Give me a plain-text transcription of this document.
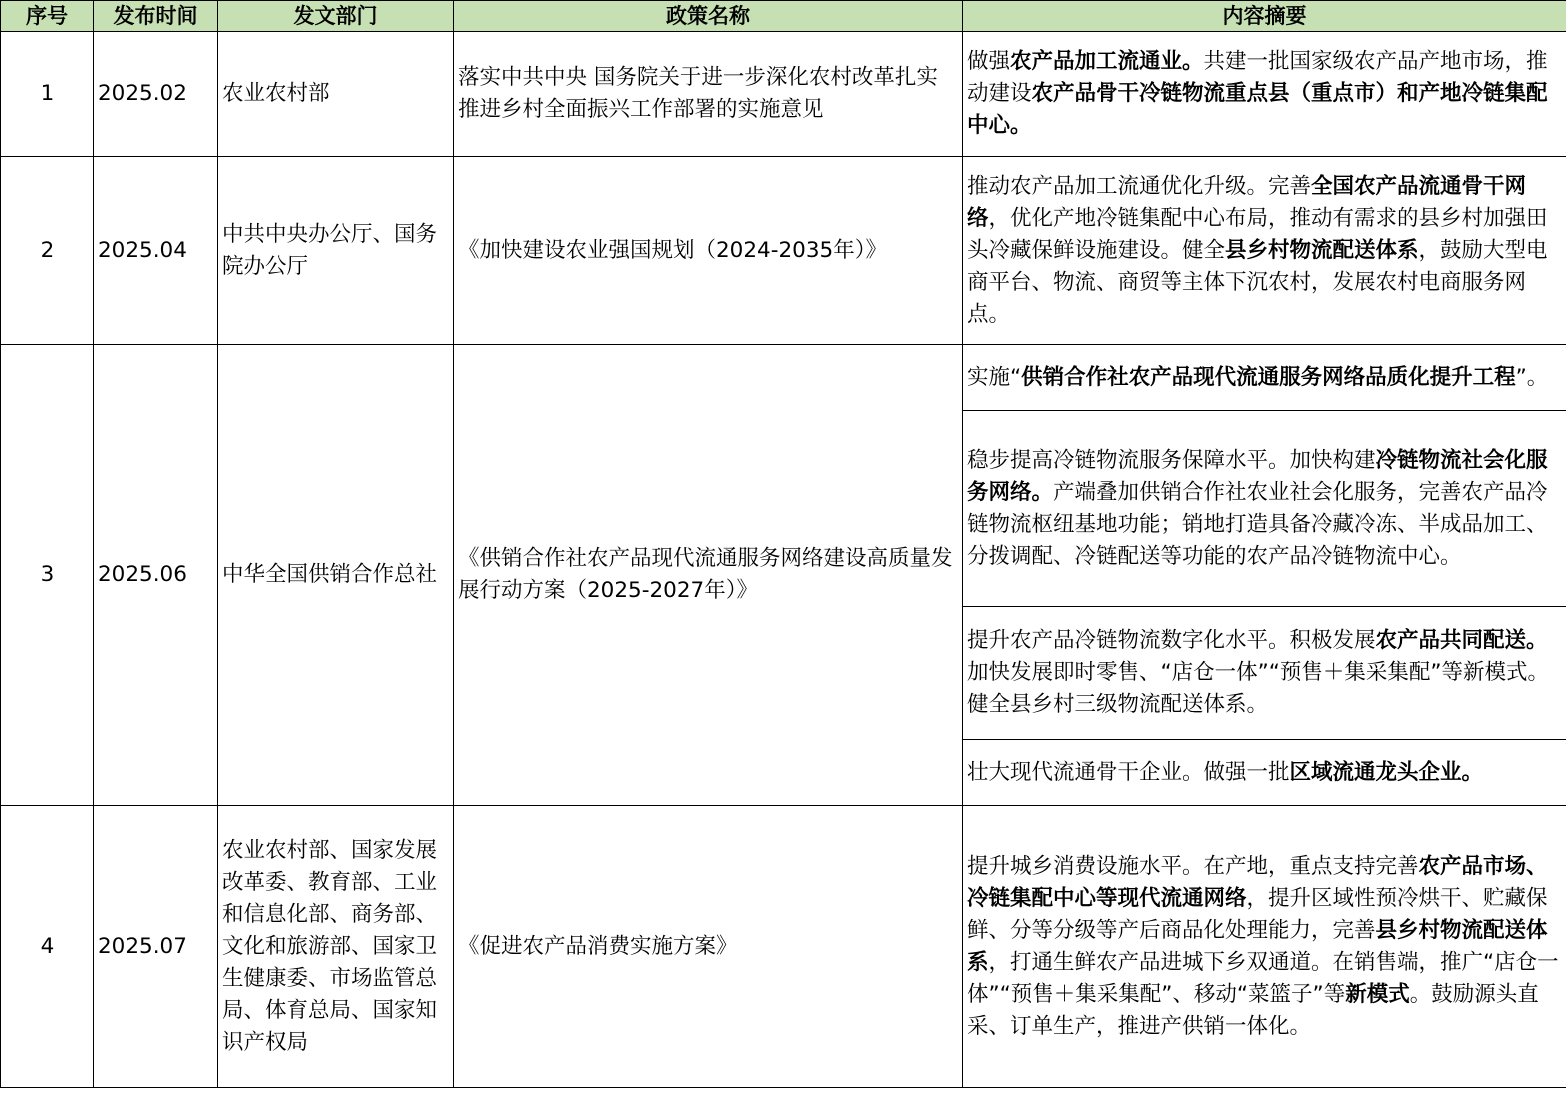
序号	发布时间	发文部门	政策名称	内容摘要
1	2025.02	农业农村部	落实中共中央 国务院关于进一步深化农村改革扎实推进乡村全面振兴工作部署的实施意见	做强农产品加工流通业。共建一批国家级农产品产地市场，推动建设农产品骨干冷链物流重点县（重点市）和产地冷链集配中心。
2	2025.04	中共中央办公厅、国务院办公厅	《加快建设农业强国规划（2024-2035年）》	推动农产品加工流通优化升级。完善全国农产品流通骨干网络，优化产地冷链集配中心布局，推动有需求的县乡村加强田头冷藏保鲜设施建设。健全县乡村物流配送体系，鼓励大型电商平台、物流、商贸等主体下沉农村，发展农村电商服务网点。
3	2025.06	中华全国供销合作总社	《供销合作社农产品现代流通服务网络建设高质量发展行动方案（2025-2027年）》	实施“供销合作社农产品现代流通服务网络品质化提升工程”。
				稳步提高冷链物流服务保障水平。加快构建冷链物流社会化服务网络。产端叠加供销合作社农业社会化服务，完善农产品冷链物流枢纽基地功能；销地打造具备冷藏冷冻、半成品加工、分拨调配、冷链配送等功能的农产品冷链物流中心。
				提升农产品冷链物流数字化水平。积极发展农产品共同配送。加快发展即时零售、“店仓一体”“预售＋集采集配”等新模式。健全县乡村三级物流配送体系。
				壮大现代流通骨干企业。做强一批区域流通龙头企业。
4	2025.07	农业农村部、国家发展改革委、教育部、工业和信息化部、商务部、文化和旅游部、国家卫生健康委、市场监管总局、体育总局、国家知识产权局	《促进农产品消费实施方案》	提升城乡消费设施水平。在产地，重点支持完善农产品市场、冷链集配中心等现代流通网络，提升区域性预冷烘干、贮藏保鲜、分等分级等产后商品化处理能力，完善县乡村物流配送体系，打通生鲜农产品进城下乡双通道。在销售端，推广“店仓一体”“预售＋集采集配”、移动“菜篮子”等新模式。鼓励源头直采、订单生产，推进产供销一体化。
